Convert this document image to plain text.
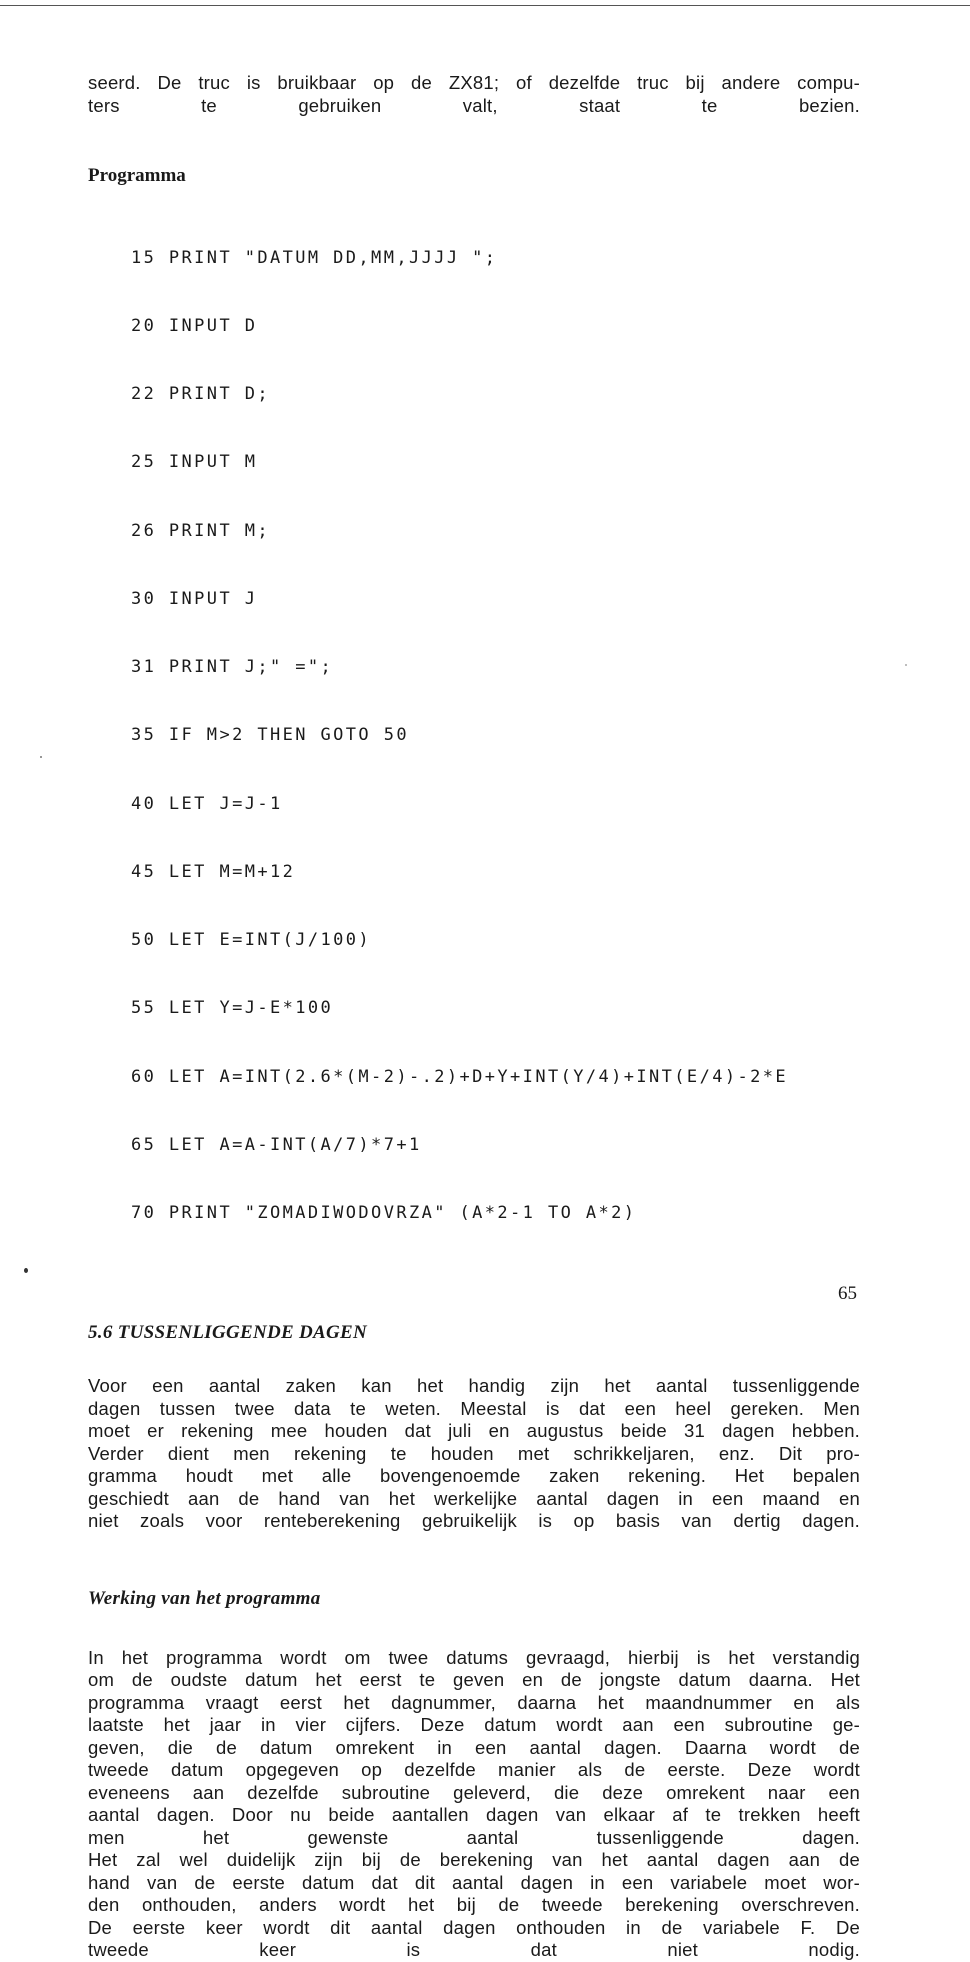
seerd. De truc is bruikbaar op de ZX81; of dezelfde truc bij andere compu-
ters te gebruiken valt, staat te bezien.

Programma

15 PRINT "DATUM DD,MM,JJJJ ";

20 INPUT D

22 PRINT D;

25 INPUT M

26 PRINT M;

30 INPUT J

31 PRINT J;" =";

35 IF M>2 THEN GOTO 50

40 LET J=J-1

45 LET M=M+12

50 LET E=INT(J/100)

55 LET Y=J-E*100

60 LET A=INT(2.6*(M-2)-.2)+D+Y+INT(Y/4)+INT(E/4)-2*E

65 LET A=A-INT(A/7)*7+1

70 PRINT "ZOMADIWODOVRZA" (A*2-1 TO A*2)

5.6 TUSSENLIGGENDE DAGEN

Voor een aantal zaken kan het handig zijn het aantal tussenliggende
dagen tussen twee data te weten. Meestal is dat een heel gereken. Men
moet er rekening mee houden dat juli en augustus beide 31 dagen hebben.
Verder dient men rekening te houden met schrikkeljaren, enz. Dit pro-
gramma houdt met alle bovengenoemde zaken rekening. Het bepalen
geschiedt aan de hand van het werkelijke aantal dagen in een maand en
niet zoals voor renteberekening gebruikelijk is op basis van dertig dagen.

Werking van het programma

In het programma wordt om twee datums gevraagd, hierbij is het verstandig
om de oudste datum het eerst te geven en de jongste datum daarna. Het
programma vraagt eerst het dagnummer, daarna het maandnummer en als
laatste het jaar in vier cijfers. Deze datum wordt aan een subroutine ge-
geven, die de datum omrekent in een aantal dagen. Daarna wordt de
tweede datum opgegeven op dezelfde manier als de eerste. Deze wordt
eveneens aan dezelfde subroutine geleverd, die deze omrekent naar een
aantal dagen. Door nu beide aantallen dagen van elkaar af te trekken heeft
men het gewenste aantal tussenliggende dagen.
Het zal wel duidelijk zijn bij de berekening van het aantal dagen aan de
hand van de eerste datum dat dit aantal dagen in een variabele moet wor-
den onthouden, anders wordt het bij de tweede berekening overschreven.
De eerste keer wordt dit aantal dagen onthouden in de variabele F. De
tweede keer is dat niet nodig.

65
